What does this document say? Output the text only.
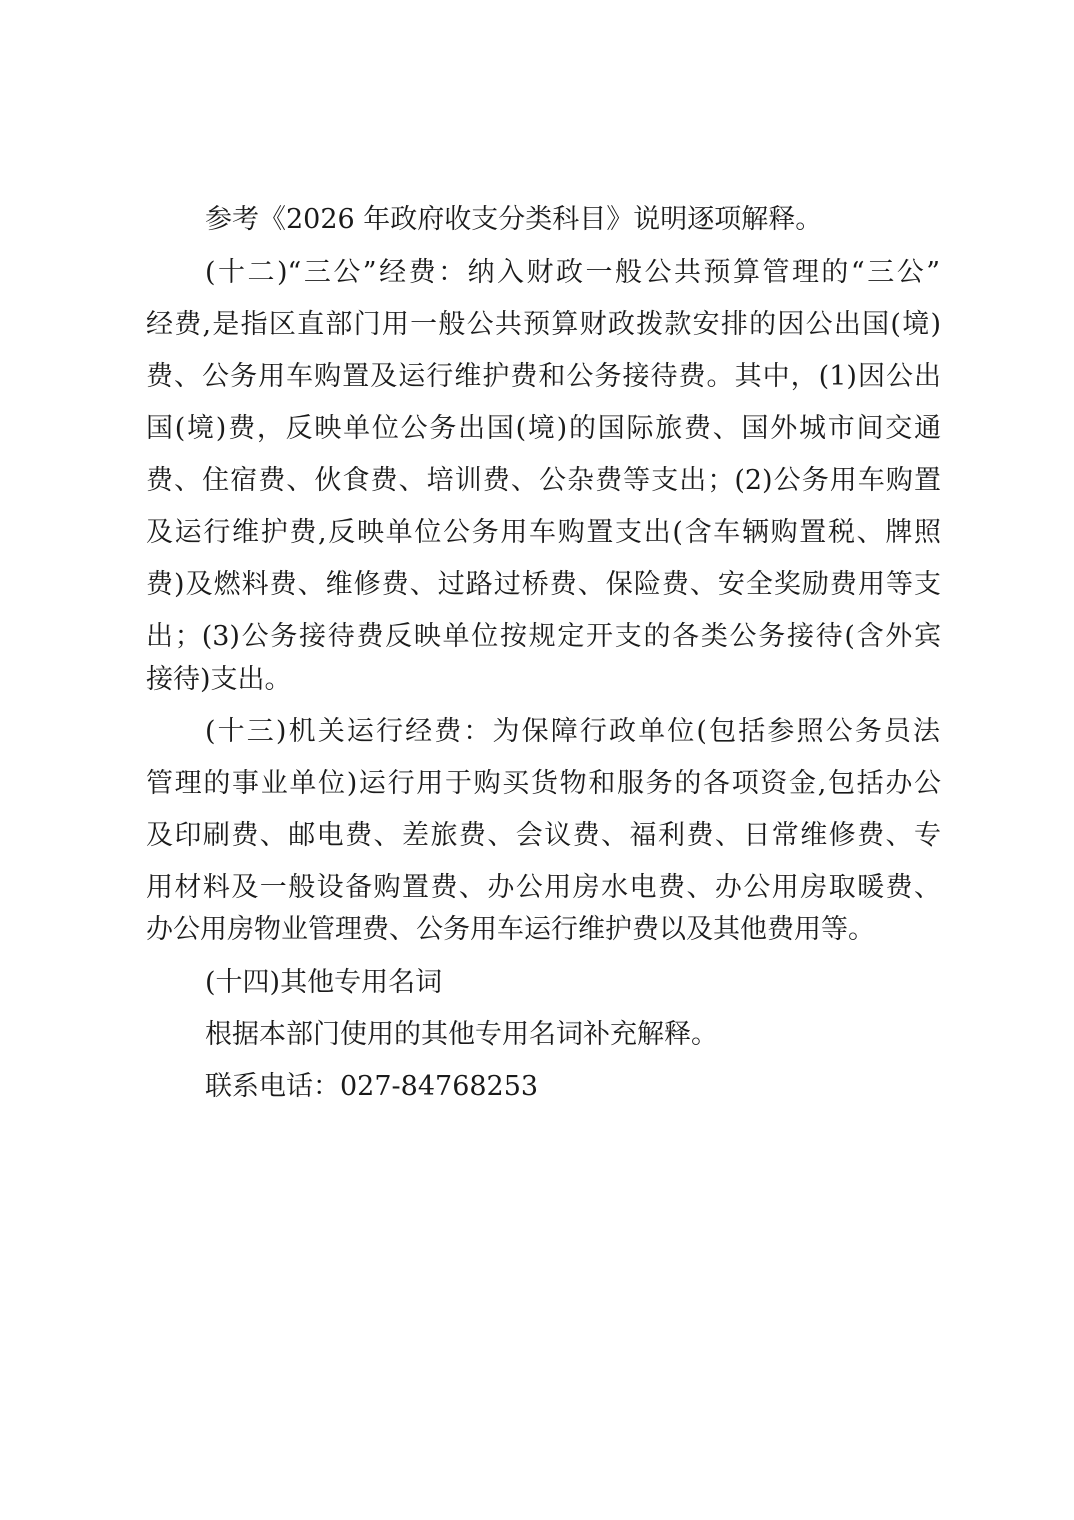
参考《2026 年政府收支分类科目》说明逐项解释。
(十二)“三公”经费：纳入财政一般公共预算管理的“三公”
经费,是指区直部门用一般公共预算财政拨款安排的因公出国(境)
费、公务用车购置及运行维护费和公务接待费。其中，(1)因公出
国(境)费，反映单位公务出国(境)的国际旅费、国外城市间交通
费、住宿费、伙食费、培训费、公杂费等支出；(2)公务用车购置
及运行维护费,反映单位公务用车购置支出(含车辆购置税、牌照
费)及燃料费、维修费、过路过桥费、保险费、安全奖励费用等支
出；(3)公务接待费反映单位按规定开支的各类公务接待(含外宾
接待)支出。
(十三)机关运行经费：为保障行政单位(包括参照公务员法
管理的事业单位)运行用于购买货物和服务的各项资金,包括办公
及印刷费、邮电费、差旅费、会议费、福利费、日常维修费、专
用材料及一般设备购置费、办公用房水电费、办公用房取暖费、
办公用房物业管理费、公务用车运行维护费以及其他费用等。
(十四)其他专用名词
根据本部门使用的其他专用名词补充解释。
联系电话：027-84768253
